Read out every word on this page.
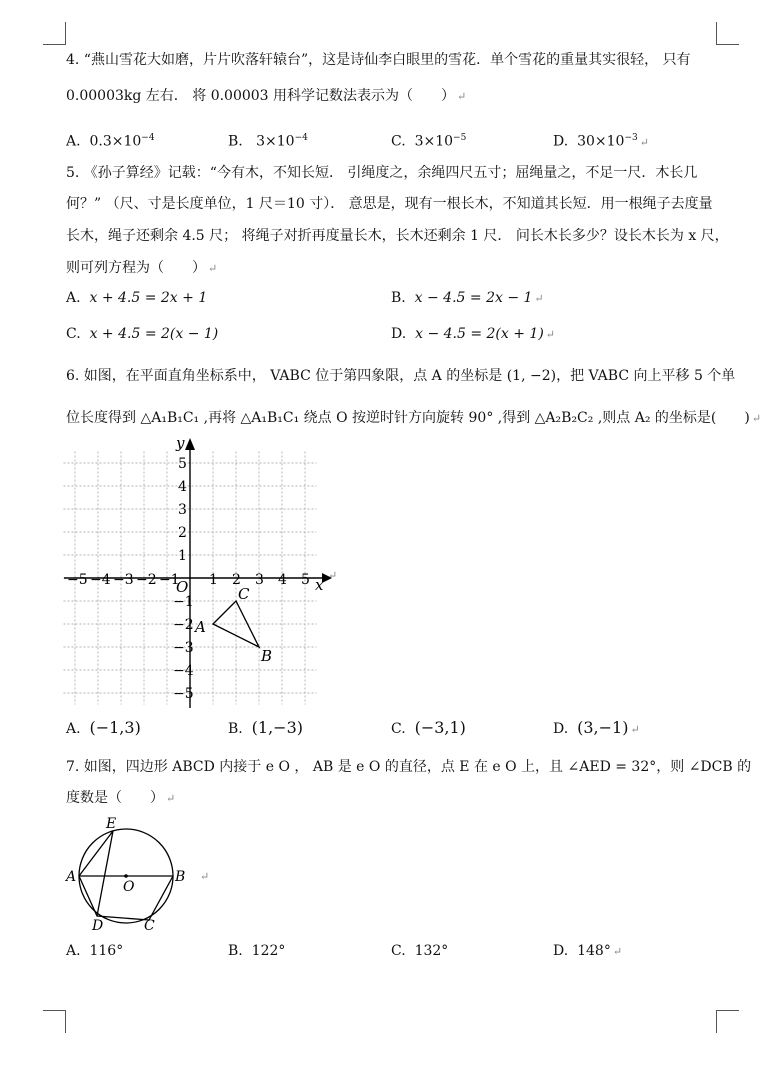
4. “燕山雪花大如磨，片片吹落轩辕台”，这是诗仙李白眼里的雪花．单个雪花的重量其实很轻， 只有
0.00003kg 左右． 将 0.00003 用科学记数法表示为（　　） ↵
A. $0.3\times 10^{-4}$	B. $3\times 10^{-4}$	C. $3\times 10^{-5}$	D. $30\times 10^{-3}$ ↵
5. 《孙子算经》记载：“今有木，不知长短． 引绳度之，余绳四尺五寸；屈绳量之，不足一尺．木长几
何？” （尺、寸是长度单位，1 尺＝10 寸）． 意思是，现有一根长木，不知道其长短．用一根绳子去度量
长木，绳子还剩余 4.5 尺； 将绳子对折再度量长木，长木还剩余 1 尺． 问长木长多少？设长木长为 x 尺，
则可列方程为（　　） ↵
A. x + 4.5 = 2x + 1	B. x − 4.5 = 2x − 1 ↵
C. x + 4.5 = 2(x − 1)	D. x − 4.5 = 2(x + 1) ↵
6. 如图，在平面直角坐标系中， VABC 位于第四象限，点 A 的坐标是 (1, −2)，把 VABC 向上平移 5 个单
位长度得到 △A₁B₁C₁ ,再将 △A₁B₁C₁ 绕点 O 按逆时针方向旋转 90° ,得到 △A₂B₂C₂ ,则点 A₂ 的坐标是(　　) ↵
x
y
O
−5 −4 −3 −2 −1 1 2 3 4 5
5
4
3
2
1
−1
−2
−3
−4
−5
A
B
C
↵
A. (−1,3)	B. (1,−3)	C. (−3,1)	D. (3,−1) ↵
7. 如图，四边形 ABCD 内接于 e O ， AB 是 e O 的直径，点 E 在 e O 上，且 ∠AED = 32°，则 ∠DCB 的
度数是（　　） ↵
E
A	B
O
D	C
↵
A. 116°	B. 122°	C. 132°	D. 148° ↵
